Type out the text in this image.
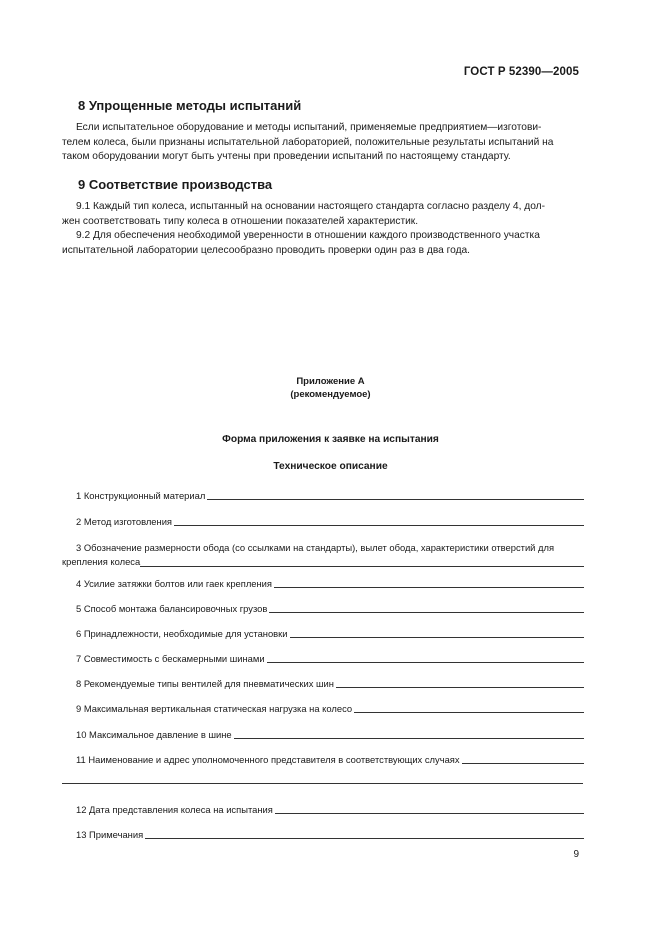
ГОСТ Р 52390—2005
8 Упрощенные методы испытаний
Если испытательное оборудование и методы испытаний, применяемые предприятием—изготови-
телем колеса, были признаны испытательной лабораторией, положительные результаты испытаний на
таком оборудовании могут быть учтены при проведении испытаний по настоящему стандарту.
9 Соответствие производства
9.1 Каждый тип колеса, испытанный на основании настоящего стандарта согласно разделу 4, дол-
жен соответствовать типу колеса в отношении показателей характеристик.
9.2 Для обеспечения необходимой уверенности в отношении каждого производственного участка
испытательной лаборатории целесообразно проводить проверки один раз в два года.
Приложение А
(рекомендуемое)
Форма приложения к заявке на испытания
Техническое описание
1 Конструкционный материал
2 Метод изготовления
3 Обозначение размерности обода (со ссылками на стандарты), вылет обода, характеристики отверстий для
крепления колеса
4 Усилие затяжки болтов или гаек крепления
5 Способ монтажа балансировочных грузов
6 Принадлежности, необходимые для установки
7 Совместимость с бескамерными шинами
8 Рекомендуемые типы вентилей для пневматических шин
9 Максимальная вертикальная статическая нагрузка на колесо
10 Максимальное давление в шине
11 Наименование и адрес уполномоченного представителя в соответствующих случаях
12 Дата представления колеса на испытания
13 Примечания
9
